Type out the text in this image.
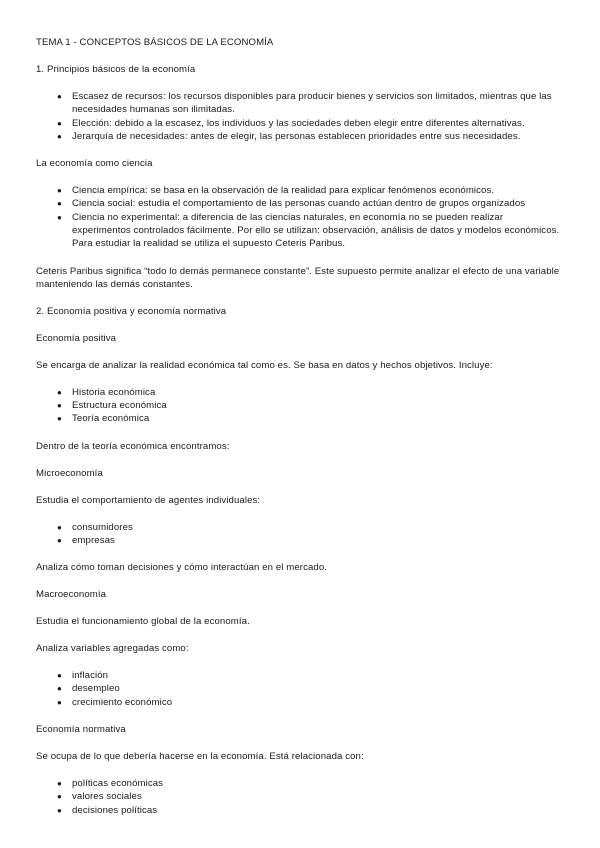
TEMA 1 - CONCEPTOS BÁSICOS DE LA ECONOMÍA

1. Principios básicos de la economía

● Escasez de recursos: los recursos disponibles para producir bienes y servicios son limitados, mientras que las necesidades humanas son ilimitadas.
● Elección: debido a la escasez, los individuos y las sociedades deben elegir entre diferentes alternativas.
● Jerarquía de necesidades: antes de elegir, las personas establecen prioridades entre sus necesidades.

La economía como ciencia

● Ciencia empírica: se basa en la observación de la realidad para explicar fenómenos económicos.
● Ciencia social: estudia el comportamiento de las personas cuando actúan dentro de grupos organizados
● Ciencia no experimental: a diferencia de las ciencias naturales, en economía no se pueden realizar experimentos controlados fácilmente. Por ello se utilizan: observación, análisis de datos y modelos económicos. Para estudiar la realidad se utiliza el supuesto Ceteris Paribus.

Ceteris Paribus significa “todo lo demás permanece constante”. Este supuesto permite analizar el efecto de una variable manteniendo las demás constantes.

2. Economía positiva y economía normativa

Economía positiva

Se encarga de analizar la realidad económica tal como es. Se basa en datos y hechos objetivos. Incluye:

● Historia económica
● Estructura económica
● Teoría económica

Dentro de la teoría económica encontramos:

Microeconomía

Estudia el comportamiento de agentes individuales:

● consumidores
● empresas

Analiza cómo toman decisiones y cómo interactúan en el mercado.

Macroeconomía

Estudia el funcionamiento global de la economía.

Analiza variables agregadas como:

● inflación
● desempleo
● crecimiento económico

Economía normativa

Se ocupa de lo que debería hacerse en la economía. Está relacionada con:

● políticas económicas
● valores sociales
● decisiones políticas
